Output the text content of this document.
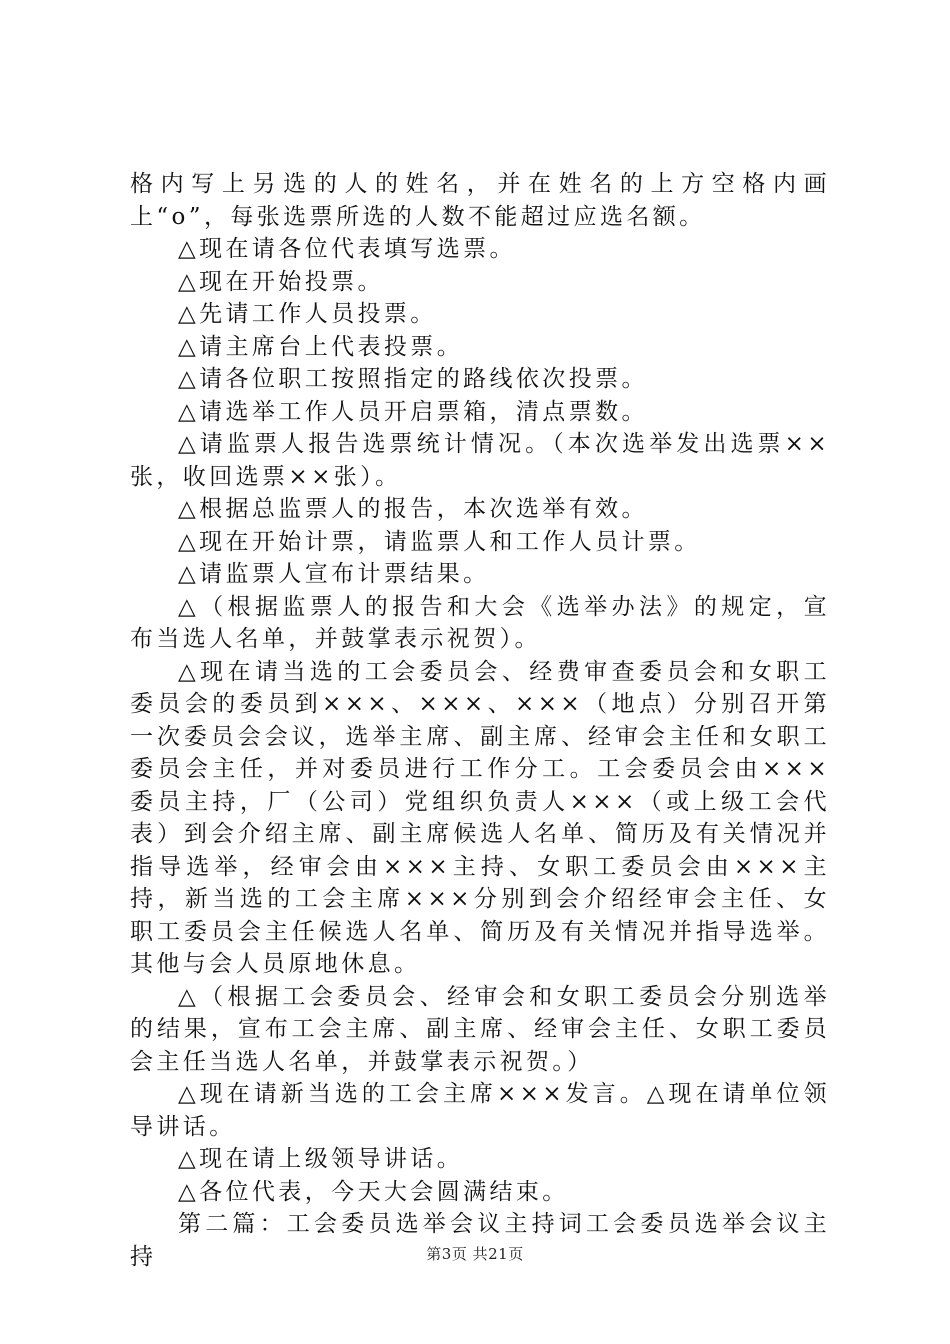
格内写上另选的人的姓名，并在姓名的上方空格内画上“o”，每张选票所选的人数不能超过应选名额。

△现在请各位代表填写选票。

△现在开始投票。

△先请工作人员投票。

△请主席台上代表投票。

△请各位职工按照指定的路线依次投票。

△请选举工作人员开启票箱，清点票数。

△请监票人报告选票统计情况。（本次选举发出选票××张，收回选票××张）。

△根据总监票人的报告，本次选举有效。

△现在开始计票，请监票人和工作人员计票。

△请监票人宣布计票结果。

△（根据监票人的报告和大会《选举办法》的规定，宣布当选人名单，并鼓掌表示祝贺）。

△现在请当选的工会委员会、经费审查委员会和女职工委员会的委员到×××、×××、×××（地点）分别召开第一次委员会会议，选举主席、副主席、经审会主任和女职工委员会主任，并对委员进行工作分工。工会委员会由×××委员主持，厂（公司）党组织负责人×××（或上级工会代表）到会介绍主席、副主席候选人名单、简历及有关情况并指导选举，经审会由×××主持、女职工委员会由×××主持，新当选的工会主席×××分别到会介绍经审会主任、女职工委员会主任候选人名单、简历及有关情况并指导选举。其他与会人员原地休息。

△（根据工会委员会、经审会和女职工委员会分别选举的结果，宣布工会主席、副主席、经审会主任、女职工委员会主任当选人名单，并鼓掌表示祝贺。）

△现在请新当选的工会主席×××发言。△现在请单位领导讲话。

△现在请上级领导讲话。

△各位代表，今天大会圆满结束。

第二篇：工会委员选举会议主持词工会委员选举会议主持	第3页 共21页
